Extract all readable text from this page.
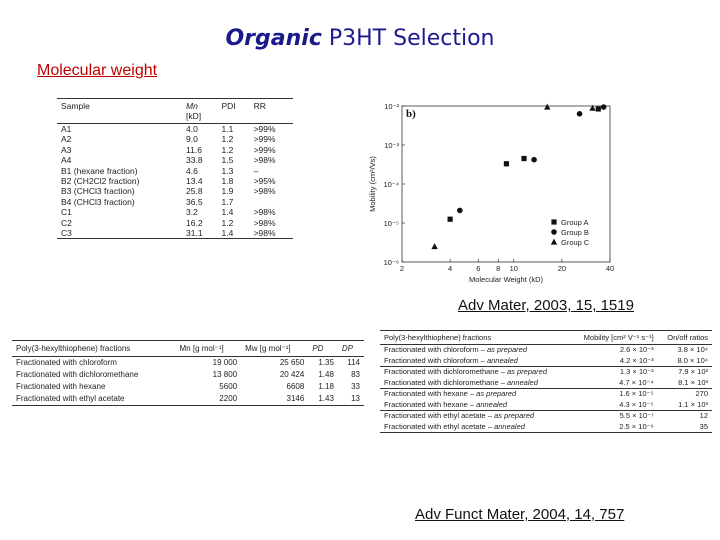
Organic P3HT Selection
Molecular weight
Sample	Mn	PDI	RR
	[kD]		
A1	4.0	1.1	>99%
A2	9.0	1.2	>99%
A3	11.6	1.2	>99%
A4	33.8	1.5	>98%
B1 (hexane fraction)	4.6	1.3	–
B2 (CH2Cl2 fraction)	13.4	1.8	>95%
B3 (CHCl3 fraction)	25.8	1.9	>98%
B4 (CHCl3 fraction)	36.5	1.7	
C1	3.2	1.4	>98%
C2	16.2	1.2	>98%
C3	31.1	1.4	>98%
2	4	6 8 10	20	40
10⁻²
10⁻³
10⁻⁴
10⁻⁵
10⁻⁶
Molecular Weight (kD)
Mobility (cm²/Vs)
b)
Group A
Group B
Group C
Adv Mater, 2003, 15, 1519
Poly(3-hexylthiophene) fractions	Mn [g mol⁻¹]	Mw [g mol⁻¹]	PD	DP
Fractionated with chloroform	19 000	25 650	1.35	114
Fractionated with dichloromethane	13 800	20 424	1.48	83
Fractionated with hexane	5600	6608	1.18	33
Fractionated with ethyl acetate	2200	3146	1.43	13
Poly(3-hexylthiophene) fractions	Mobility [cm² V⁻¹ s⁻¹]	On/off ratios
Fractionated with chloroform – as prepared	2.6 × 10⁻³	3.8 × 10⁴
Fractionated with chloroform – annealed	4.2 × 10⁻³	8.0 × 10⁴
Fractionated with dichloromethane – as prepared	1.3 × 10⁻³	7.9 × 10²
Fractionated with dichloromethane – annealed	4.7 × 10⁻⁴	8.1 × 10³
Fractionated with hexane – as prepared	1.6 × 10⁻⁵	270
Fractionated with hexane – annealed	4.3 × 10⁻⁵	1.1 × 10³
Fractionated with ethyl acetate – as prepared	5.5 × 10⁻⁷	12
Fractionated with ethyl acetate – annealed	2.5 × 10⁻⁶	35
Adv Funct Mater, 2004, 14, 757
